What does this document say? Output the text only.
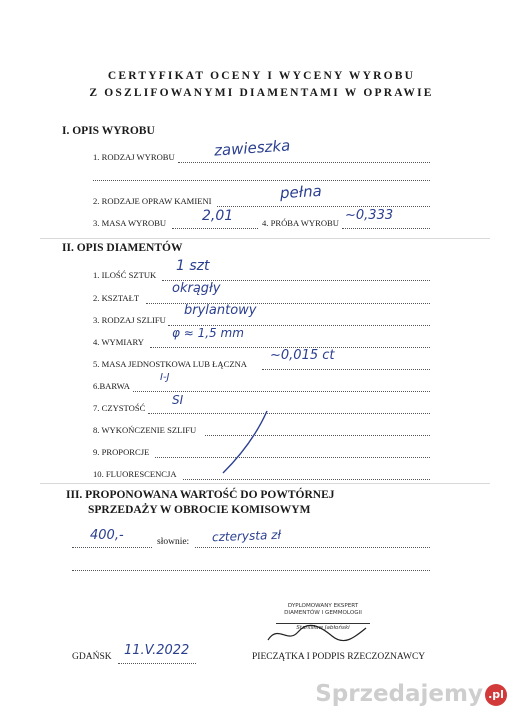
CERTYFIKAT OCENY I WYCENY WYROBU
Z OSZLIFOWANYMI DIAMENTAMI W OPRAWIE
I. OPIS WYROBU
1. RODZAJ WYROBU	zawieszka
2. RODZAJE OPRAW KAMIENI	pełna
3. MASA WYROBU	2,01	4. PRÓBA WYROBU ~0,333
II. OPIS DIAMENTÓW
1. ILOŚĆ SZTUK
1 szt
2. KSZTAŁT
okrągły
3. RODZAJ SZLIFU
brylantowy
4. WYMIARY
φ ≈ 1,5 mm
5. MASA JEDNOSTKOWA LUB ŁĄCZNA
~0,015 ct
6.BARWA
I-J
7. CZYSTOŚĆ
SI
8. WYKOŃCZENIE SZLIFU
9. PROPORCJE
10. FLUORESCENCJA
III. PROPONOWANA WARTOŚĆ DO POWTÓRNEJ
SPRZEDAŻY W OBROCIE KOMISOWYM
400,-	słownie: czterysta zł
DYPLOMOWANY EKSPERT
DIAMENTÓW I GEMMOLOGII
Stanisław Jabłoński
GDAŃSK 11.V.2022	PIECZĄTKA I PODPIS RZECZOZNAWCY
Sprzedajemy .pl
